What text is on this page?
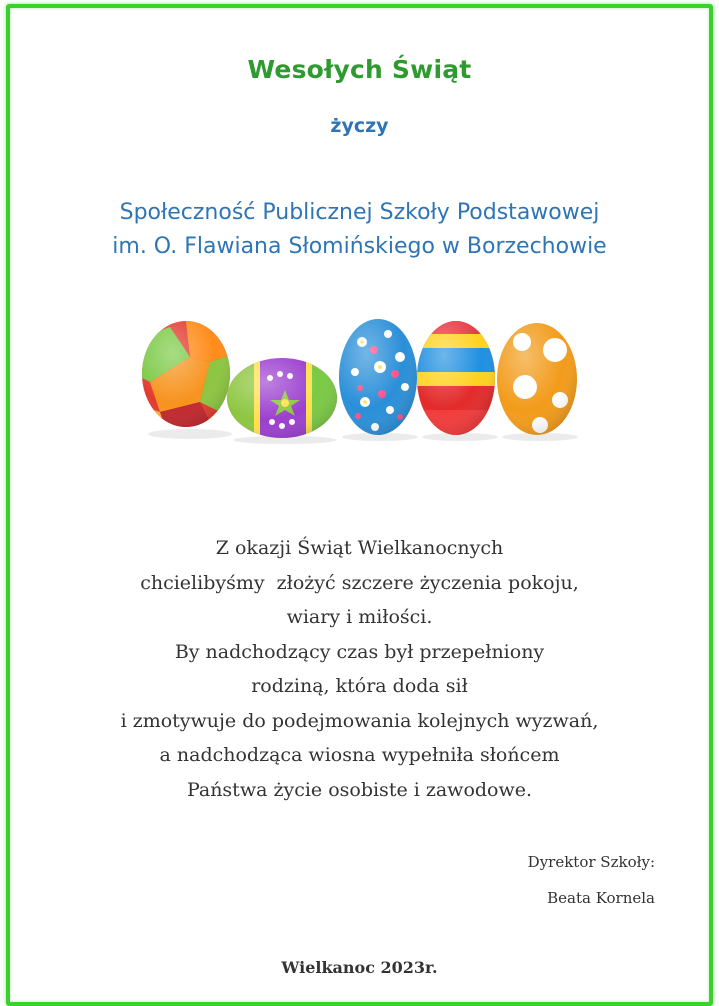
Wesołych Świąt
życzy
Społeczność Publicznej Szkoły Podstawowej
im. O. Flawiana Słomińskiego w Borzechowie
Z okazji Świąt Wielkanocnych
chcielibyśmy  złożyć szczere życzenia pokoju,
wiary i miłości.
By nadchodzący czas był przepełniony
rodziną, która doda sił
i zmotywuje do podejmowania kolejnych wyzwań,
a nadchodząca wiosna wypełniła słońcem
Państwa życie osobiste i zawodowe.
Dyrektor Szkoły:
Beata Kornela
Wielkanoc 2023r.
